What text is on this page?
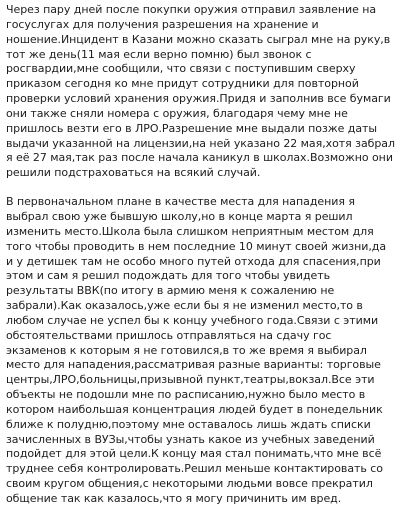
Через пару дней после покупки оружия отправил заявление на госуслугах для получения разрешения на хранение и ношение.Инцидент в Казани можно сказать сыграл мне на руку,в тот же день(11 мая если верно помню) был звонок с росгвардии,мне сообщили, что связи с поступившим сверху приказом сегодня ко мне придут сотрудники для повторной проверки условий хранения оружия.Придя и заполнив все бумаги они также сняли номера с оружия, благодаря чему мне не пришлось везти его в ЛРО.Разрешение мне выдали позже даты выдачи указанной на лицензии,на ней указано 22 мая,хотя забрал я её 27 мая,так раз после начала каникул в школах.Возможно они решили подстраховаться на всякий случай.

В первоначальном плане в качестве места для нападения я выбрал свою уже бывшую школу,но в конце марта я решил изменить место.Школа была слишком неприятным местом для того чтобы проводить в нем последние 10 минут своей жизни,да и у детишек там не особо много путей отхода для спасения,при этом и сам я решил подождать для того чтобы увидеть результаты ВВК(по итогу в армию меня к сожалению не забрали).Как оказалось,уже если бы я не изменил место,то в любом случае не успел бы к концу учебного года.Связи с этими обстоятельствами пришлось отправляться на сдачу гос экзаменов к которым я не готовился,в то же время я выбирал место для нападения,рассматривая разные варианты: торговые центры,ЛРО,больницы,призывной пункт,театры,вокзал.Все эти объекты не подошли мне по расписанию,нужно было место в котором наибольшая концентрация людей будет в понедельник ближе к полудню,поэтому мне оставалось лишь ждать списки зачисленных в ВУЗы,чтобы узнать какое из учебных заведений подойдет для этой цели.К концу мая стал понимать,что мне всё труднее себя контролировать.Решил меньше контактировать со своим кругом общения,с некоторыми людьми вовсе прекратил общение так как казалось,что я могу причинить им вред.
